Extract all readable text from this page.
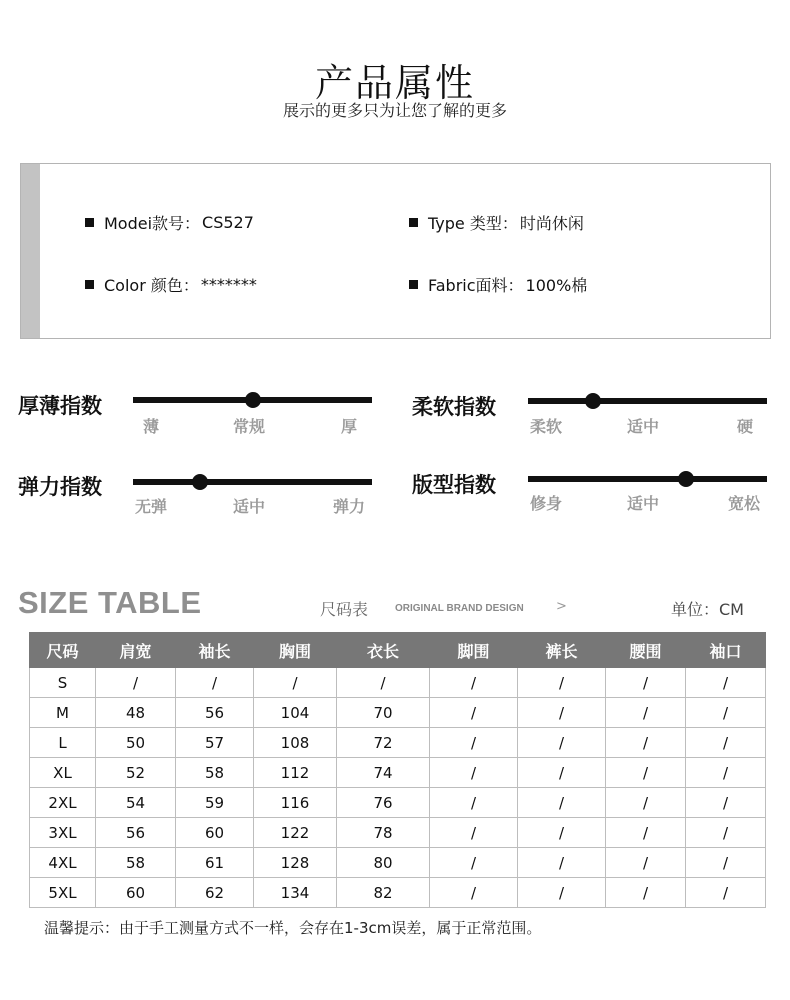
产品属性
展示的更多只为让您了解的更多
Modei款号： CS527	Type 类型： 时尚休闲
Color 颜色： *******	Fabric面料： 100%棉
厚薄指数
薄	常规	厚
柔软指数
柔软	适中	硬
弹力指数
无弹	适中	弹力
版型指数
修身	适中	宽松
SIZE TABLE	尺码表	ORIGINAL BRAND DESIGN >	单位：CM
尺码	肩宽	袖长	胸围	衣长	脚围	裤长	腰围	袖口
S	/	/	/	/	/	/	/	/
M	48	56	104	70	/	/	/	/
L	50	57	108	72	/	/	/	/
XL	52	58	112	74	/	/	/	/
2XL	54	59	116	76	/	/	/	/
3XL	56	60	122	78	/	/	/	/
4XL	58	61	128	80	/	/	/	/
5XL	60	62	134	82	/	/	/	/
温馨提示：由于手工测量方式不一样，会存在1-3cm误差，属于正常范围。
